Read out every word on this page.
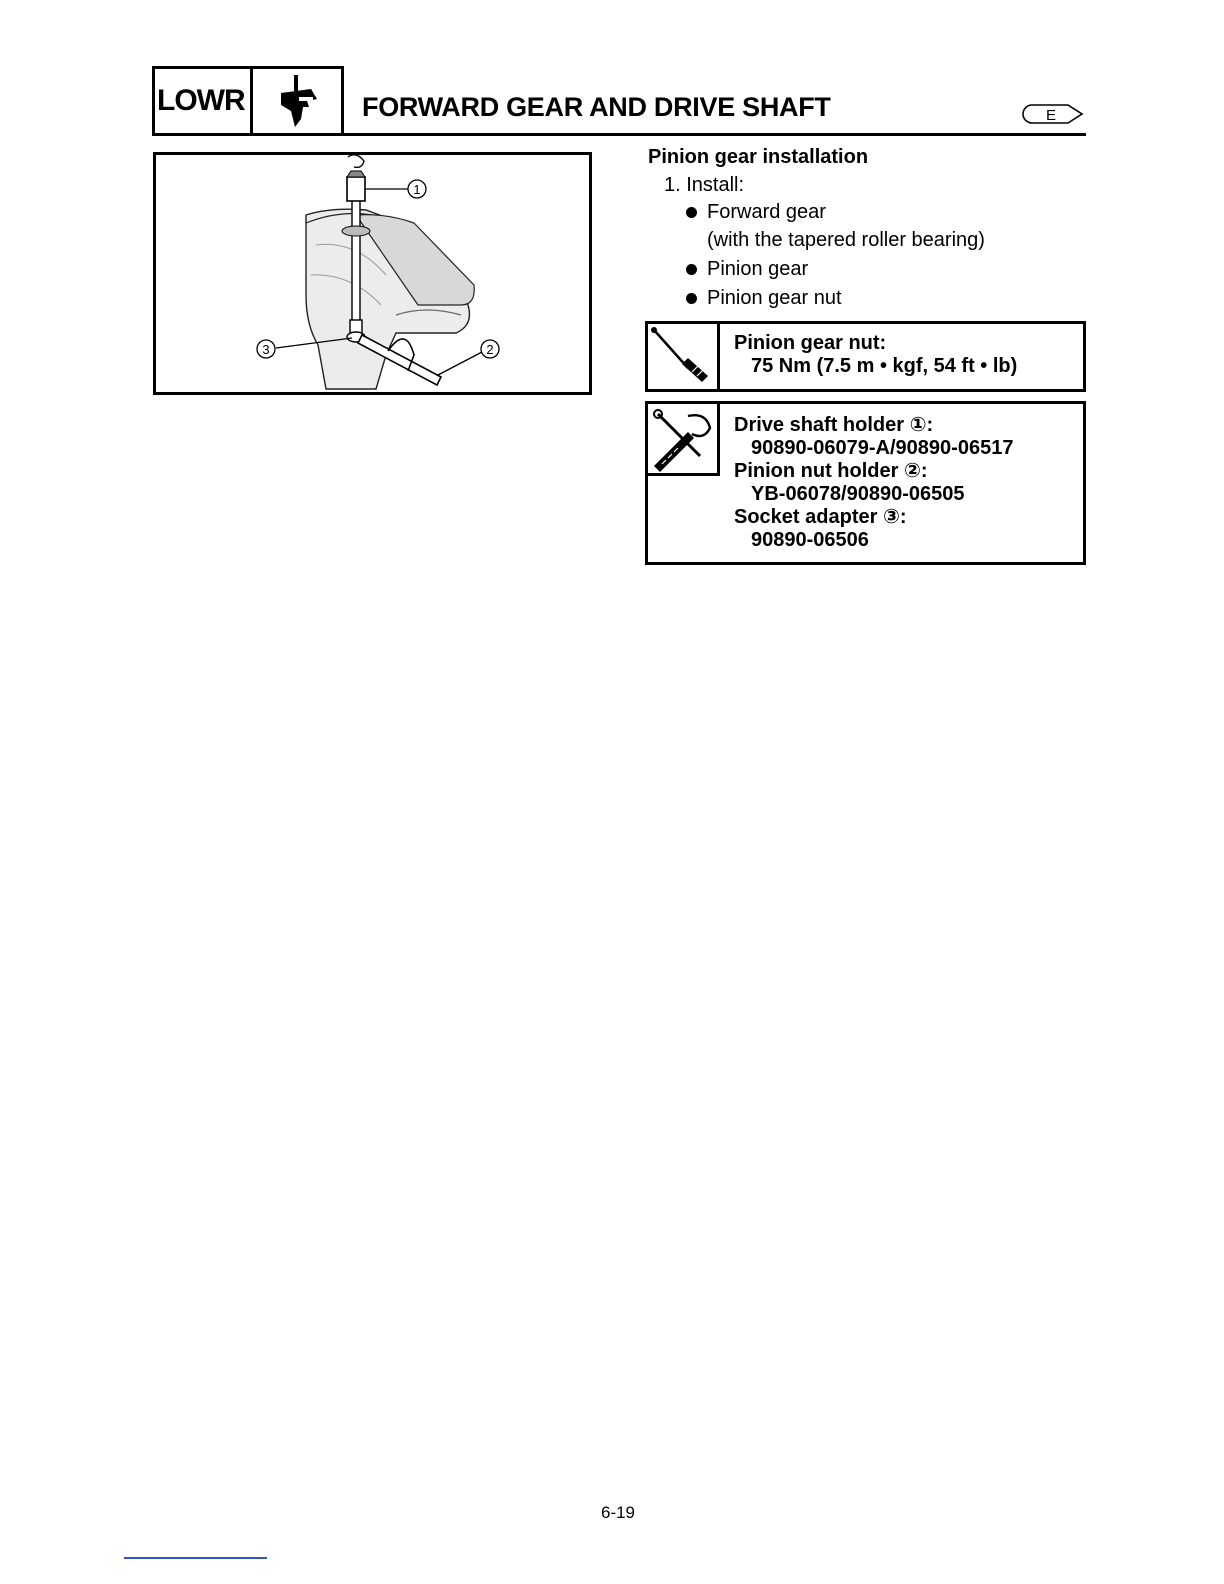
LOWR	FORWARD GEAR AND DRIVE SHAFT	E
1
3	2
Pinion gear installation
1. Install:
Forward gear
(with the tapered roller bearing)
Pinion gear
Pinion gear nut
Pinion gear nut:
75 Nm (7.5 m • kgf, 54 ft • lb)
Drive shaft holder ①:
90890-06079-A/90890-06517
Pinion nut holder ②:
YB-06078/90890-06505
Socket adapter ③:
90890-06506
6-19
